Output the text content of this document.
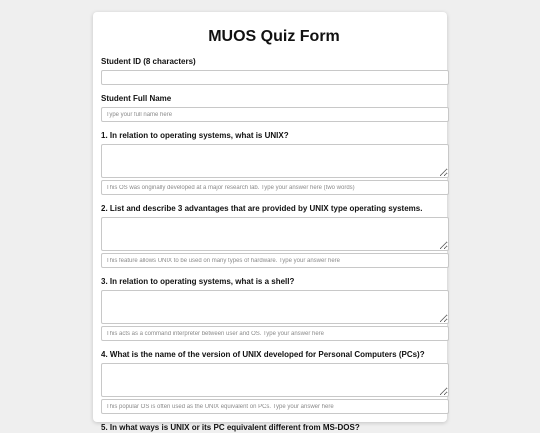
MUOS Quiz Form
Student ID (8 characters)
Student Full Name
Type your full name here
1. In relation to operating systems, what is UNIX?
This OS was originally developed at a major research lab. Type your answer here (two words)
2. List and describe 3 advantages that are provided by UNIX type operating systems.
This feature allows UNIX to be used on many types of hardware. Type your answer here
3. In relation to operating systems, what is a shell?
This acts as a command interpreter between user and OS. Type your answer here
4. What is the name of the version of UNIX developed for Personal Computers (PCs)?
This popular OS is often used as the UNIX equivalent on PCs. Type your answer here
5. In what ways is UNIX or its PC equivalent different from MS-DOS?
